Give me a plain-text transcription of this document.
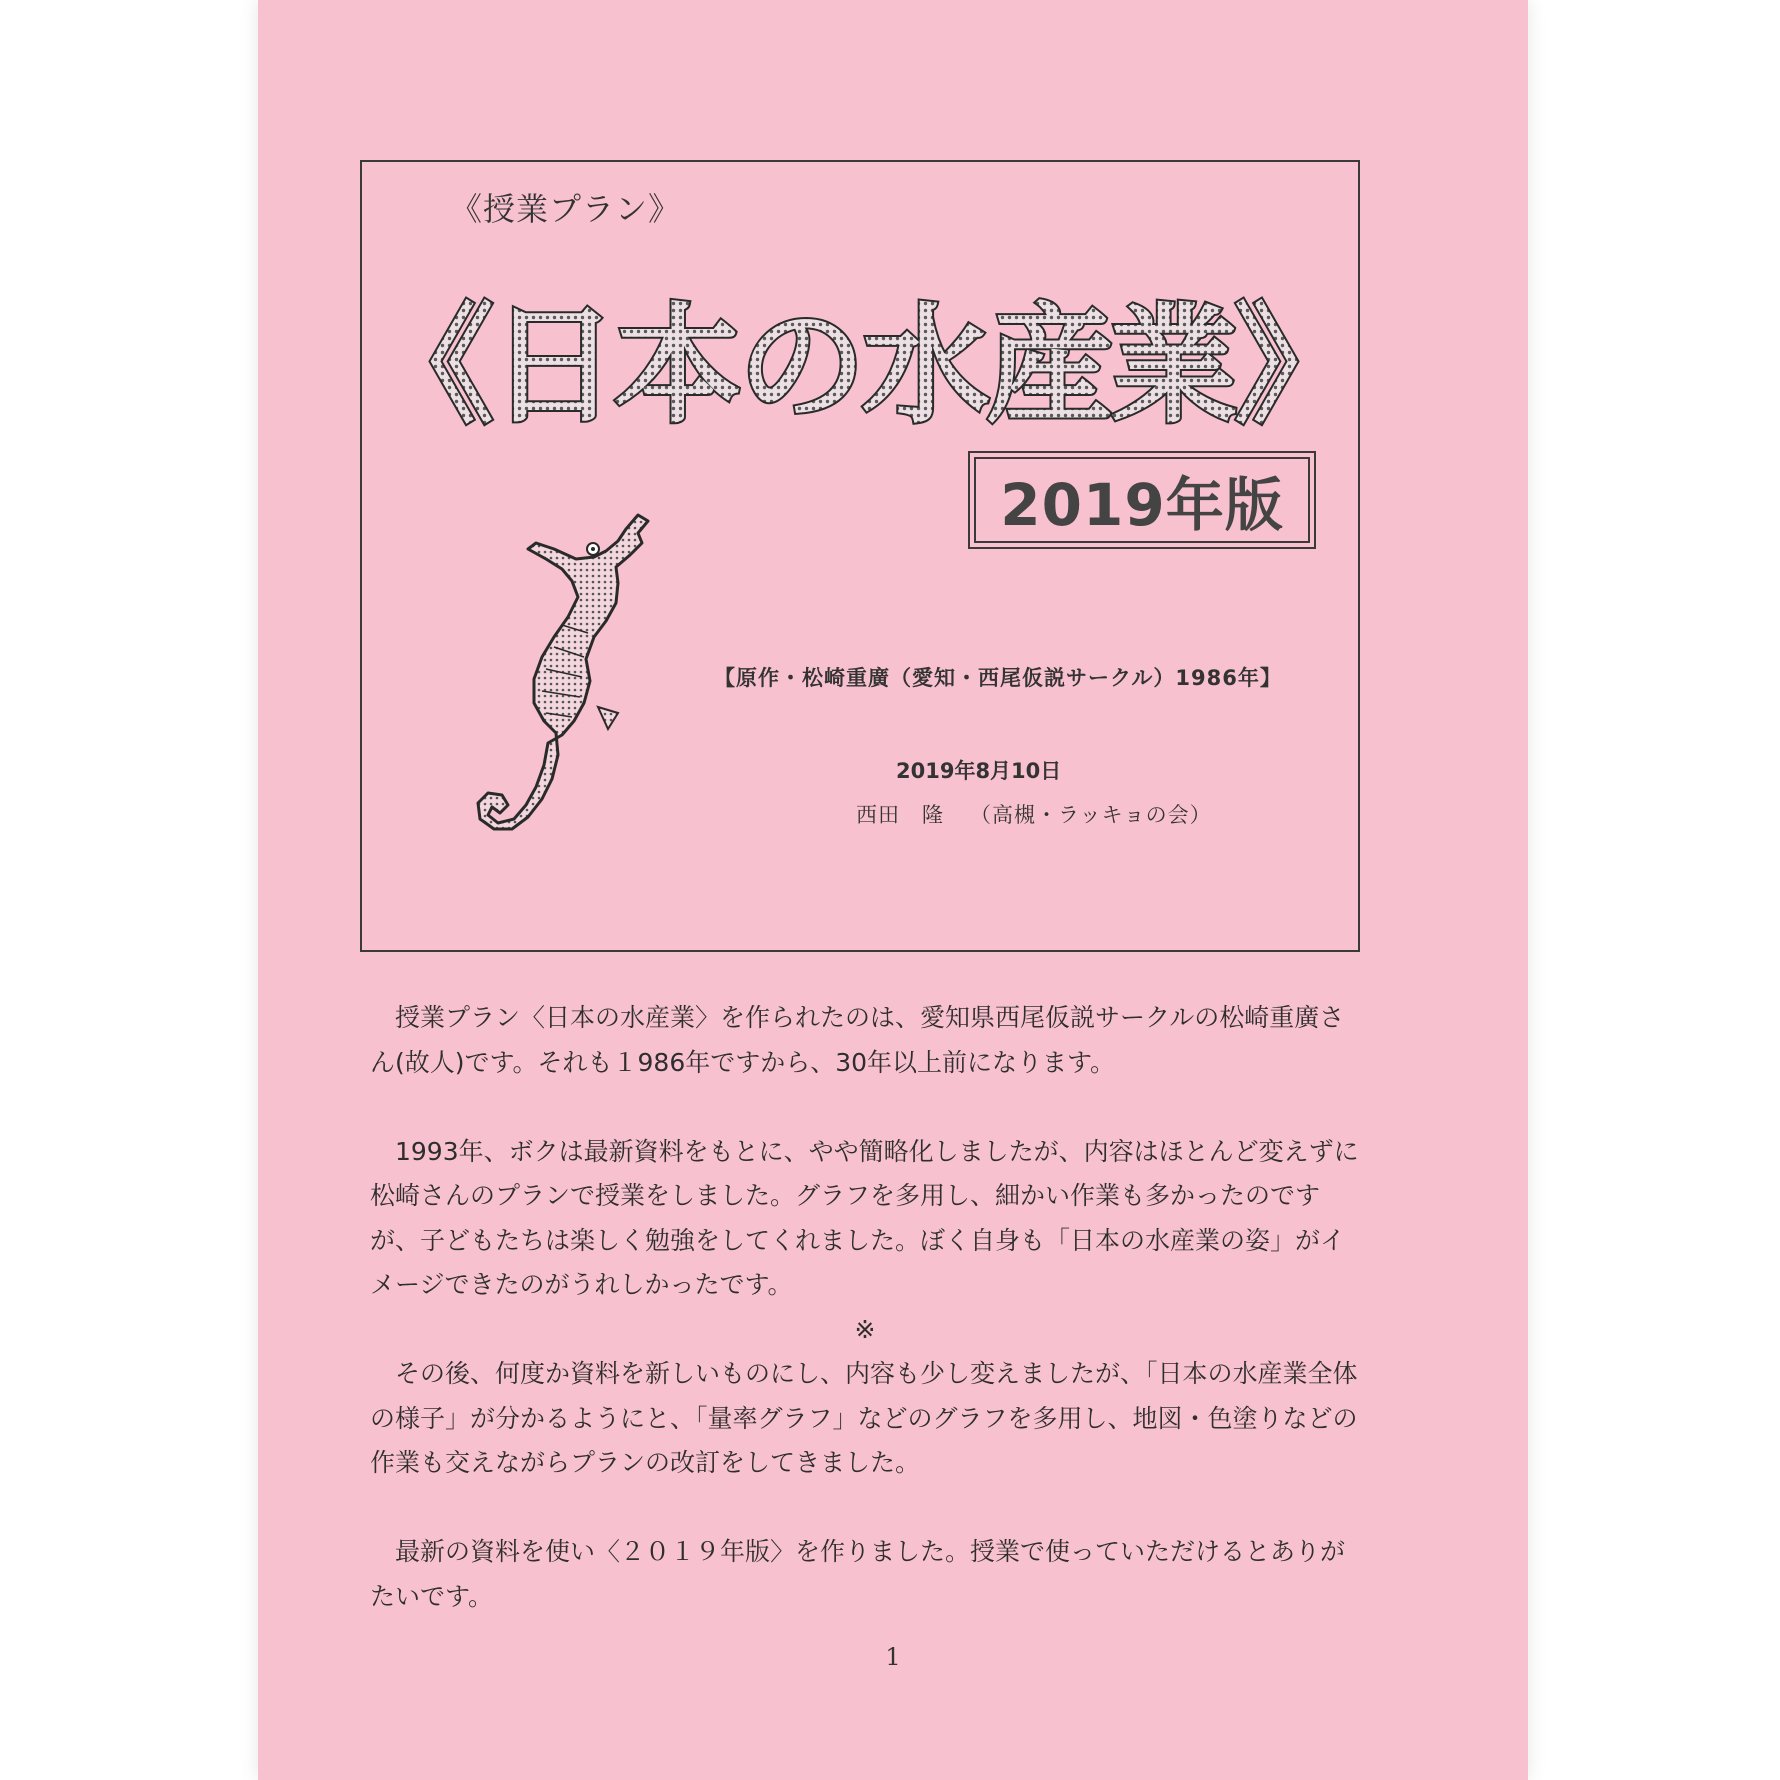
《授業プラン》
《日本の水産業》
2019年版
【原作・松崎重廣（愛知・西尾仮説サークル）1986年】
2019年8月10日
西田　隆 （高槻・ラッキョの会）

授業プラン〈日本の水産業〉を作られたのは、愛知県西尾仮説サークルの松崎重廣さん(故人)です。それも１986年ですから、30年以上前になります。

1993年、ボクは最新資料をもとに、やや簡略化しましたが、内容はほとんど変えずに松崎さんのプランで授業をしました。グラフを多用し、細かい作業も多かったのですが、子どもたちは楽しく勉強をしてくれました。ぼく自身も「日本の水産業の姿」がイメージできたのがうれしかったです。

※

その後、何度か資料を新しいものにし、内容も少し変えましたが、「日本の水産業全体の様子」が分かるようにと、「量率グラフ」などのグラフを多用し、地図・色塗りなどの作業も交えながらプランの改訂をしてきました。

最新の資料を使い〈２０１９年版〉を作りました。授業で使っていただけるとありがたいです。

1
